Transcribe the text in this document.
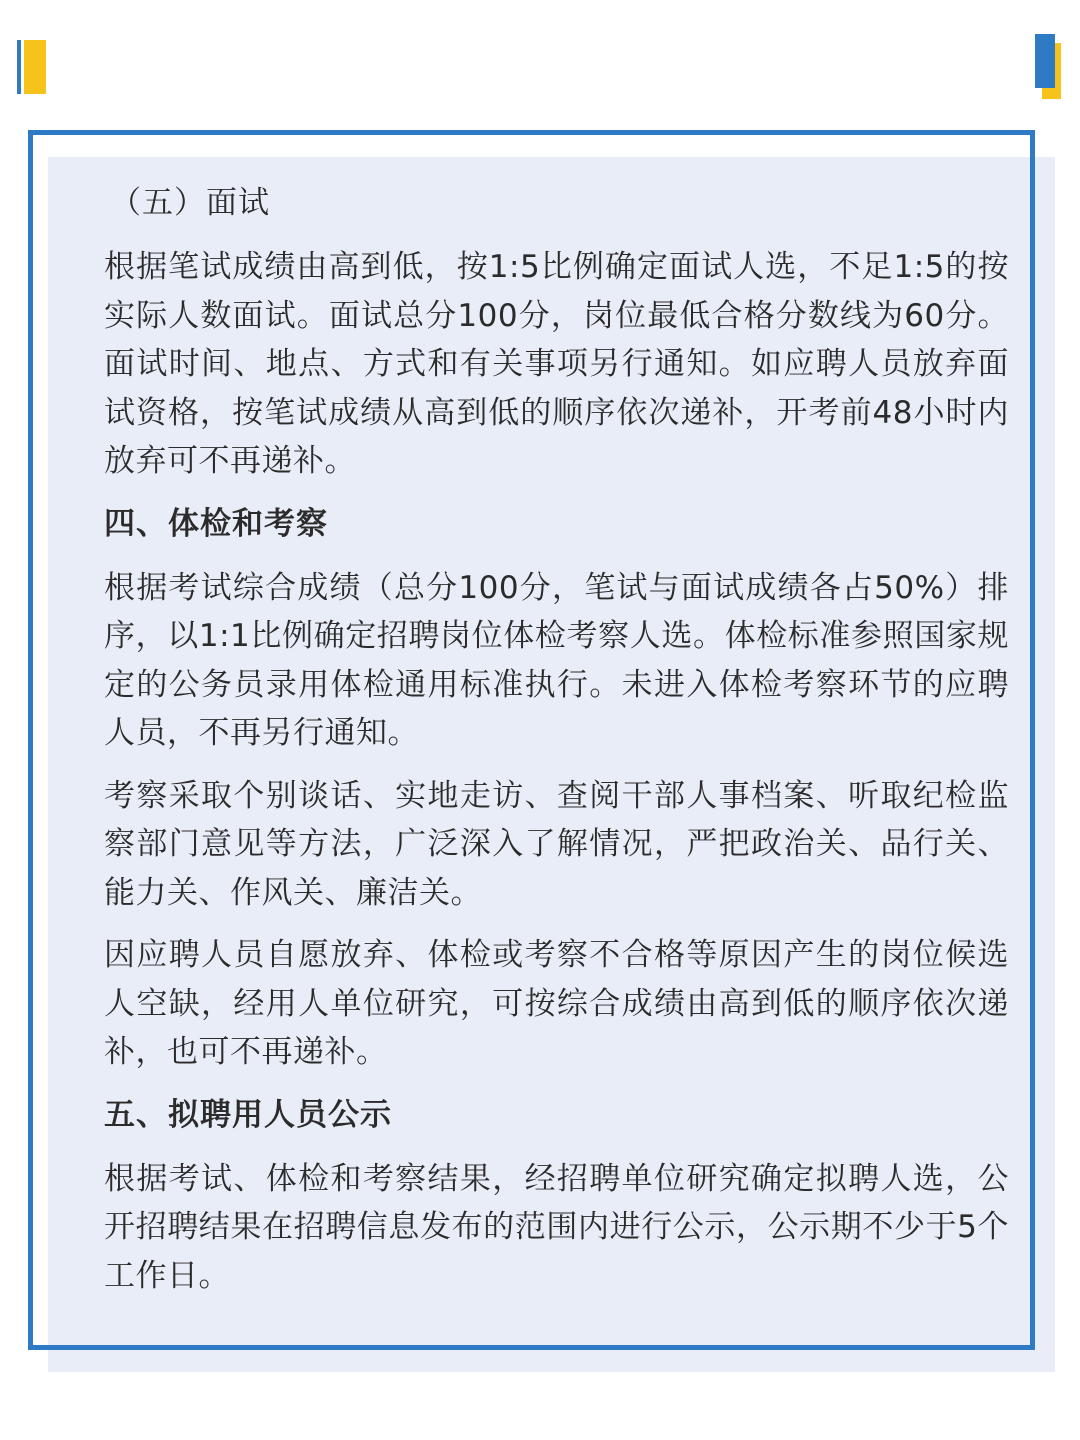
（五）面试

根据笔试成绩由高到低，按1:5比例确定面试人选，不足1:5的按实际人数面试。面试总分100分，岗位最低合格分数线为60分。面试时间、地点、方式和有关事项另行通知。如应聘人员放弃面试资格，按笔试成绩从高到低的顺序依次递补，开考前48小时内放弃可不再递补。

四、体检和考察

根据考试综合成绩（总分100分，笔试与面试成绩各占50%）排序，以1:1比例确定招聘岗位体检考察人选。体检标准参照国家规定的公务员录用体检通用标准执行。未进入体检考察环节的应聘人员，不再另行通知。

考察采取个别谈话、实地走访、查阅干部人事档案、听取纪检监察部门意见等方法，广泛深入了解情况，严把政治关、品行关、能力关、作风关、廉洁关。

因应聘人员自愿放弃、体检或考察不合格等原因产生的岗位候选人空缺，经用人单位研究，可按综合成绩由高到低的顺序依次递补，也可不再递补。

五、拟聘用人员公示

根据考试、体检和考察结果，经招聘单位研究确定拟聘人选，公开招聘结果在招聘信息发布的范围内进行公示，公示期不少于5个工作日。
